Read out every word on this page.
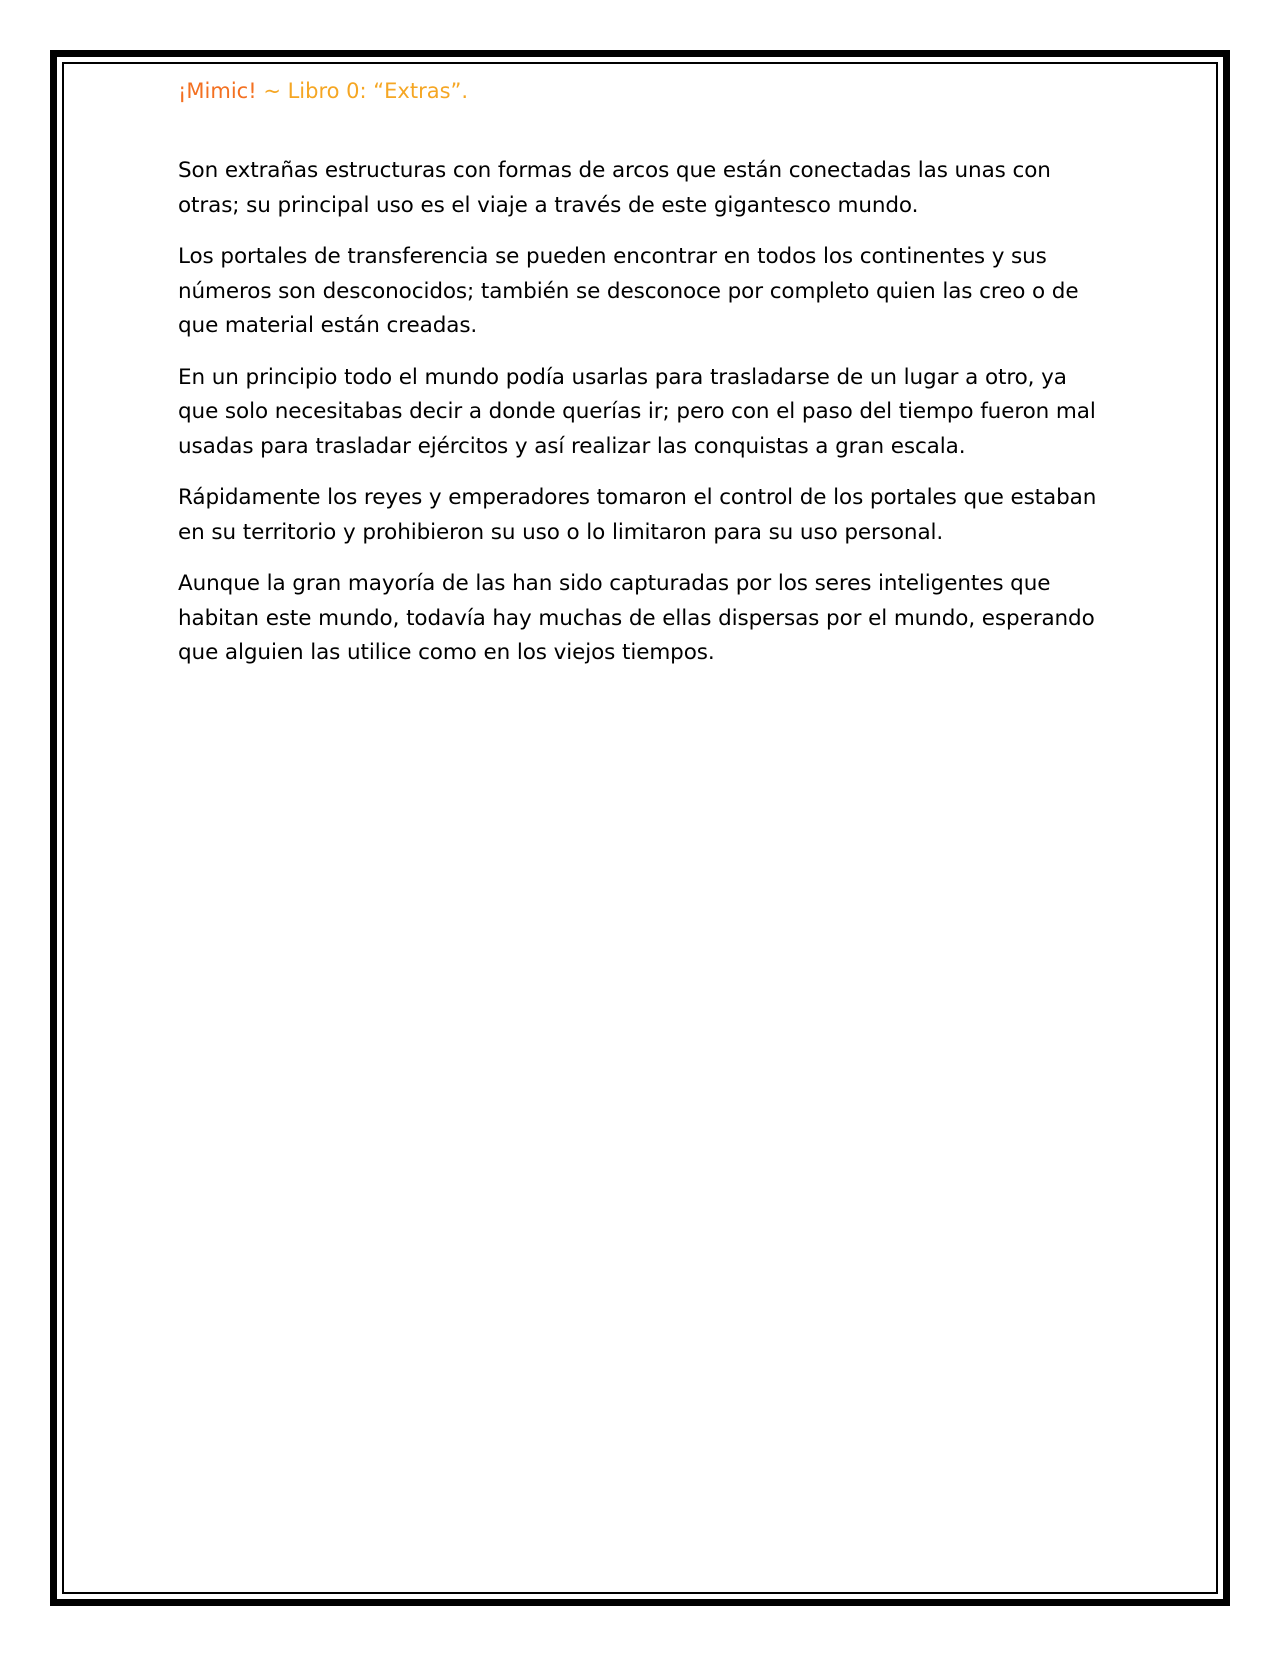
¡Mimic! ~ Libro 0: “Extras”.

Son extrañas estructuras con formas de arcos que están conectadas las unas con otras; su principal uso es el viaje a través de este gigantesco mundo.

Los portales de transferencia se pueden encontrar en todos los continentes y sus números son desconocidos; también se desconoce por completo quien las creo o de que material están creadas.

En un principio todo el mundo podía usarlas para trasladarse de un lugar a otro, ya que solo necesitabas decir a donde querías ir; pero con el paso del tiempo fueron mal usadas para trasladar ejércitos y así realizar las conquistas a gran escala.

Rápidamente los reyes y emperadores tomaron el control de los portales que estaban en su territorio y prohibieron su uso o lo limitaron para su uso personal.

Aunque la gran mayoría de las han sido capturadas por los seres inteligentes que habitan este mundo, todavía hay muchas de ellas dispersas por el mundo, esperando que alguien las utilice como en los viejos tiempos.
